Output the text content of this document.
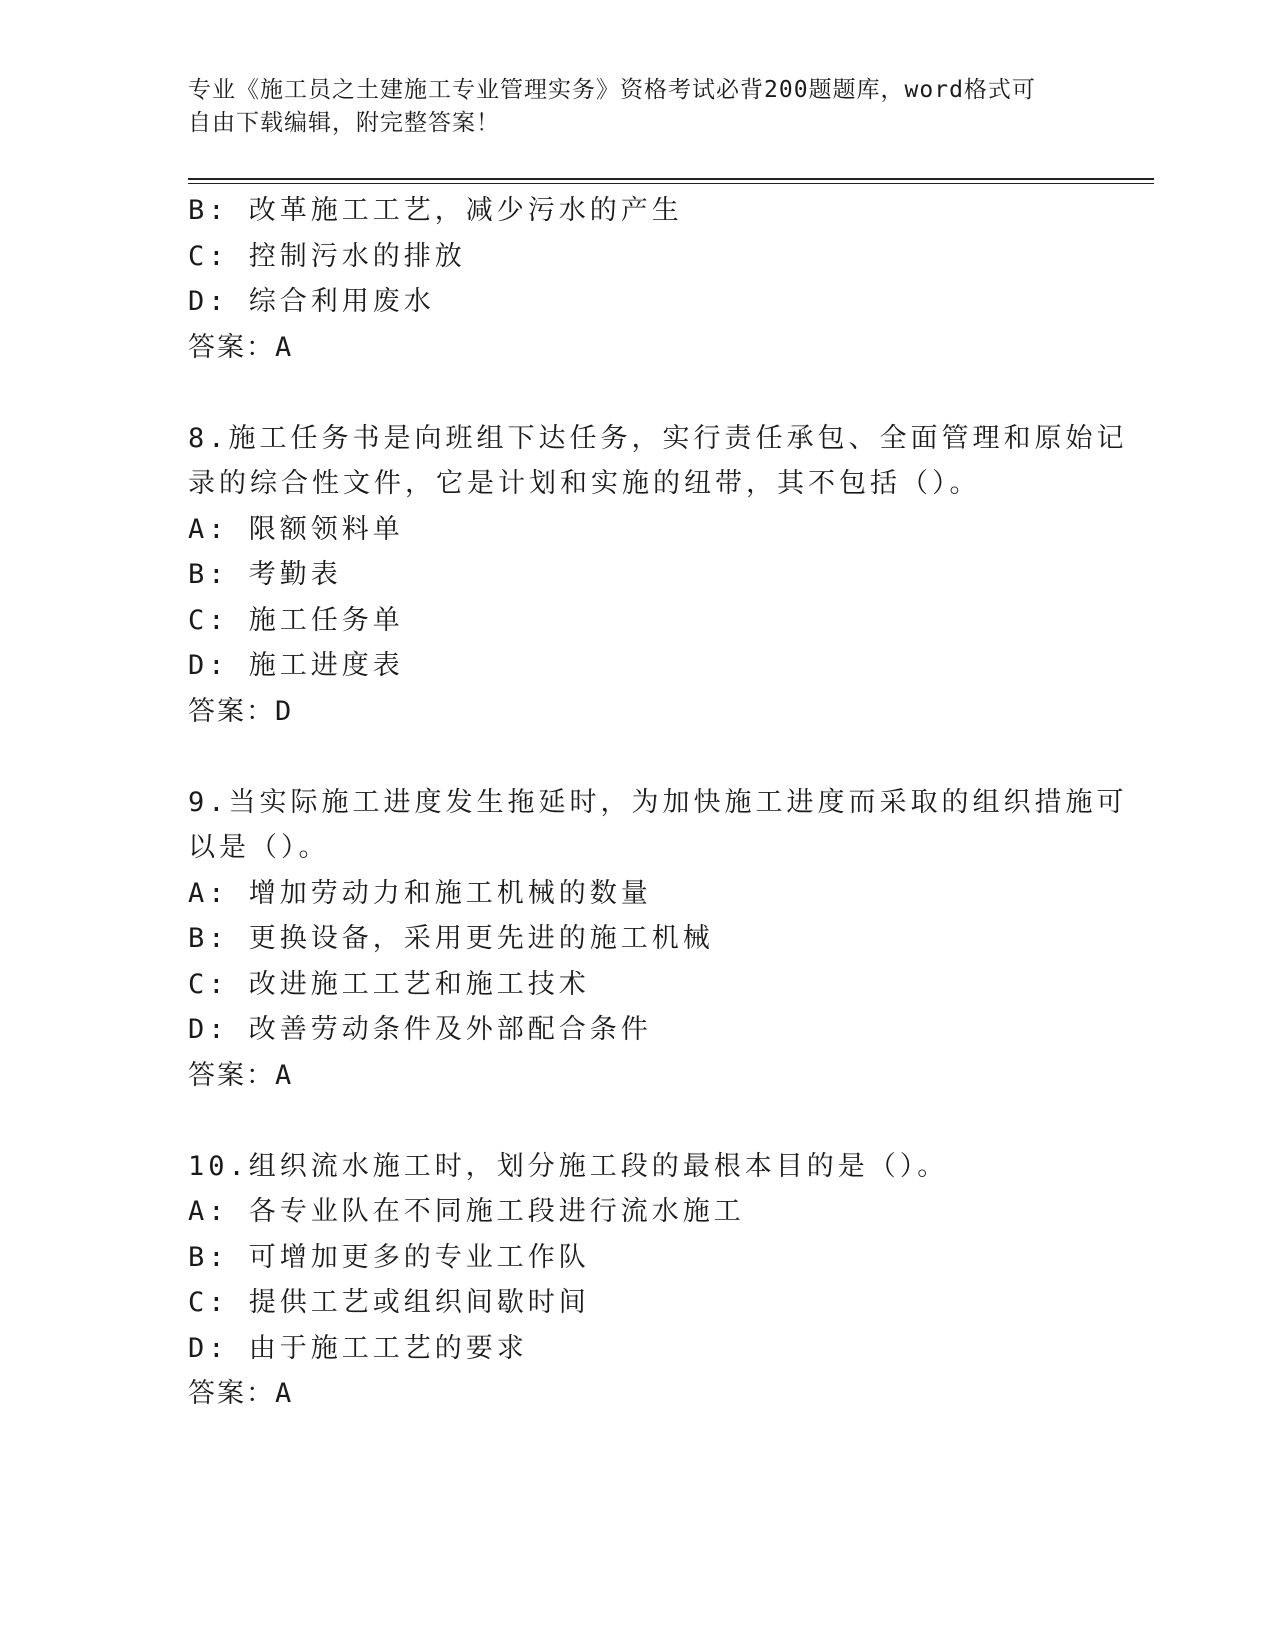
专业《施工员之土建施工专业管理实务》资格考试必背200题题库，word格式可
自由下载编辑，附完整答案！
B: 改革施工工艺，减少污水的产生
C: 控制污水的排放
D: 综合利用废水
答案：A
8.施工任务书是向班组下达任务，实行责任承包、全面管理和原始记
录的综合性文件，它是计划和实施的纽带，其不包括（）。
A: 限额领料单
B: 考勤表
C: 施工任务单
D: 施工进度表
答案：D
9.当实际施工进度发生拖延时，为加快施工进度而采取的组织措施可
以是（）。
A: 增加劳动力和施工机械的数量
B: 更换设备，采用更先进的施工机械
C: 改进施工工艺和施工技术
D: 改善劳动条件及外部配合条件
答案：A
10.组织流水施工时，划分施工段的最根本目的是（）。
A: 各专业队在不同施工段进行流水施工
B: 可增加更多的专业工作队
C: 提供工艺或组织间歇时间
D: 由于施工工艺的要求
答案：A
